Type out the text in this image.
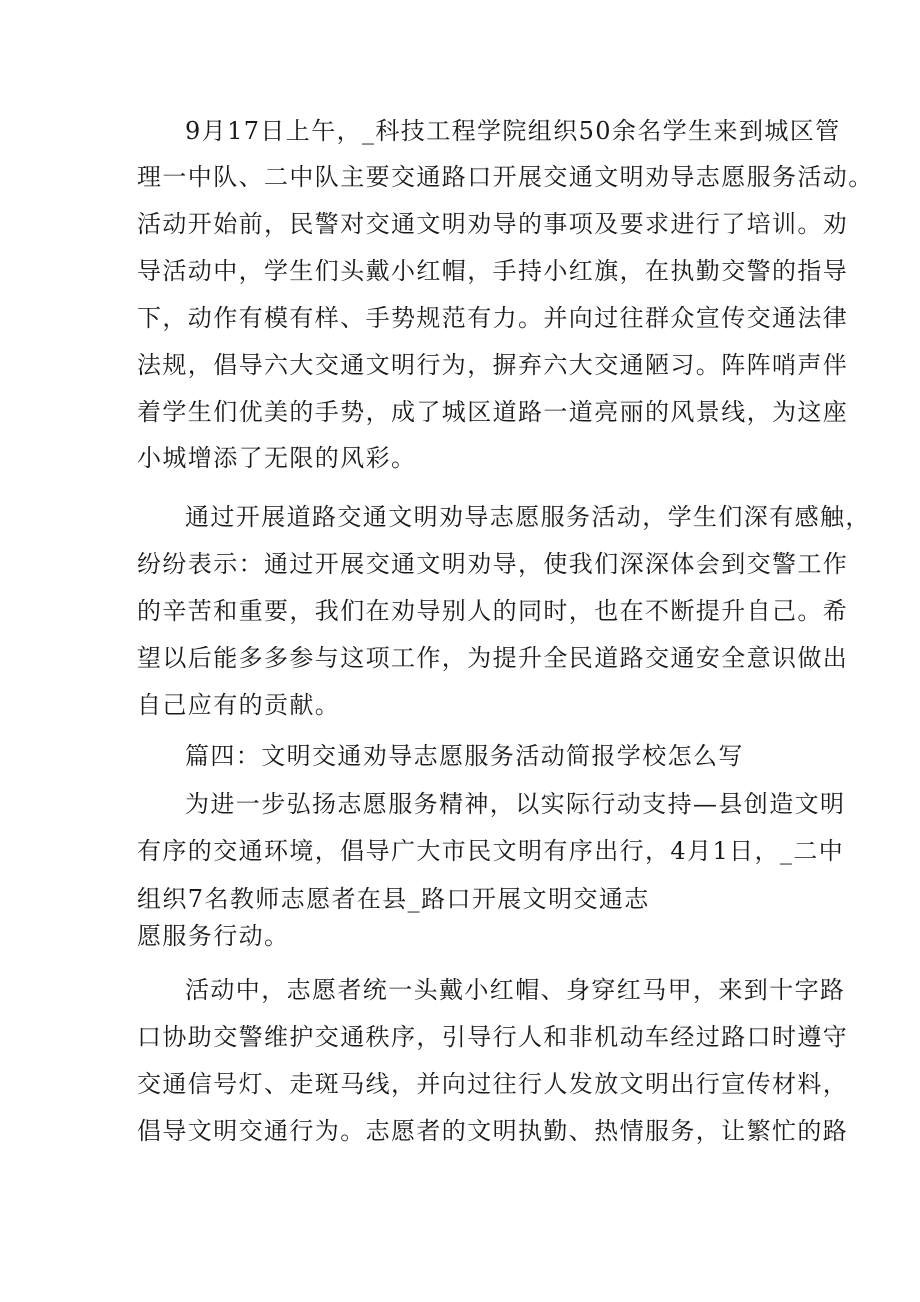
9月17日上午，_科技工程学院组织50余名学生来到城区管
理一中队、二中队主要交通路口开展交通文明劝导志愿服务活动。
活动开始前，民警对交通文明劝导的事项及要求进行了培训。劝
导活动中，学生们头戴小红帽，手持小红旗，在执勤交警的指导
下，动作有模有样、手势规范有力。并向过往群众宣传交通法律
法规，倡导六大交通文明行为，摒弃六大交通陋习。阵阵哨声伴
着学生们优美的手势，成了城区道路一道亮丽的风景线，为这座
小城增添了无限的风彩。
通过开展道路交通文明劝导志愿服务活动，学生们深有感触，
纷纷表示：通过开展交通文明劝导，使我们深深体会到交警工作
的辛苦和重要，我们在劝导别人的同时，也在不断提升自己。希
望以后能多多参与这项工作，为提升全民道路交通安全意识做出
自己应有的贡献。
篇四：文明交通劝导志愿服务活动简报学校怎么写
为进一步弘扬志愿服务精神，以实际行动支持—县创造文明
有序的交通环境，倡导广大市民文明有序出行，4月1日，_二中
组织7名教师志愿者在县_路口开展文明交通志
愿服务行动。
活动中，志愿者统一头戴小红帽、身穿红马甲，来到十字路
口协助交警维护交通秩序，引导行人和非机动车经过路口时遵守
交通信号灯、走斑马线，并向过往行人发放文明出行宣传材料，
倡导文明交通行为。志愿者的文明执勤、热情服务，让繁忙的路
